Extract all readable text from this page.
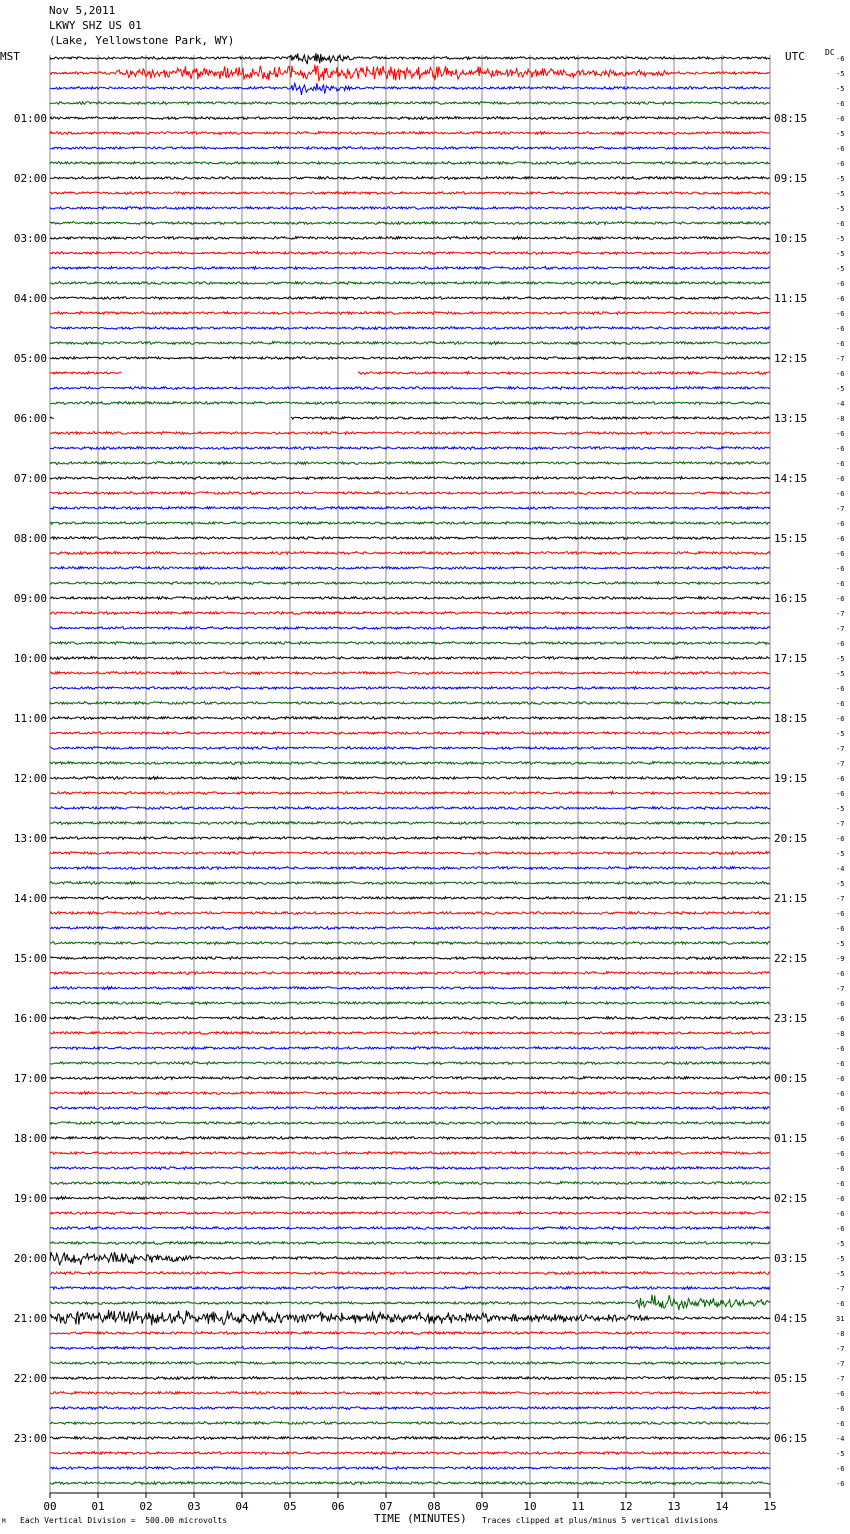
Nov 5,2011
LKWY SHZ US 01
(Lake, Yellowstone Park, WY)
MST	UTC	DC
00	01	02	03	04	05	06	07	08	09	10	11	12	13	14	15
01:00
02:00
03:00
04:00
05:00
06:00
07:00
08:00
09:00
10:00
11:00
12:00
13:00
14:00
15:00
16:00
17:00
18:00
19:00
20:00
21:00
22:00
23:00
08:15
09:15
10:15
11:15
12:15
13:15
14:15
15:15
16:15
17:15
18:15
19:15
20:15
21:15
22:15
23:15
00:15
01:15
02:15
03:15
04:15
05:15
06:15
-6
-5
-5
-6
-6
-5
-6
-6
-5
-5
-5
-6
-5
-5
-5
-6
-6
-6
-6
-6
-7
-6
-5
-4
-8
-6
-6
-6
-6
-6
-7
-6
-6
-6
-6
-6
-6
-7
-7
-6
-5
-5
-6
-6
-6
-5
-7
-7
-6
-6
-5
-7
-6
-5
-4
-5
-7
-6
-6
-5
-9
-6
-7
-6
-6
-8
-6
-6
-6
-6
-6
-6
-6
-6
-6
-6
-6
-6
-6
-5
-5
-5
-7
-6
31
-8
-7
-7
-7
-6
-6
-6
-4
-5
-6
-6
TIME (MINUTES)
Each Vertical Division =  500.00 microvolts	Traces clipped at plus/minus 5 vertical divisions
M
